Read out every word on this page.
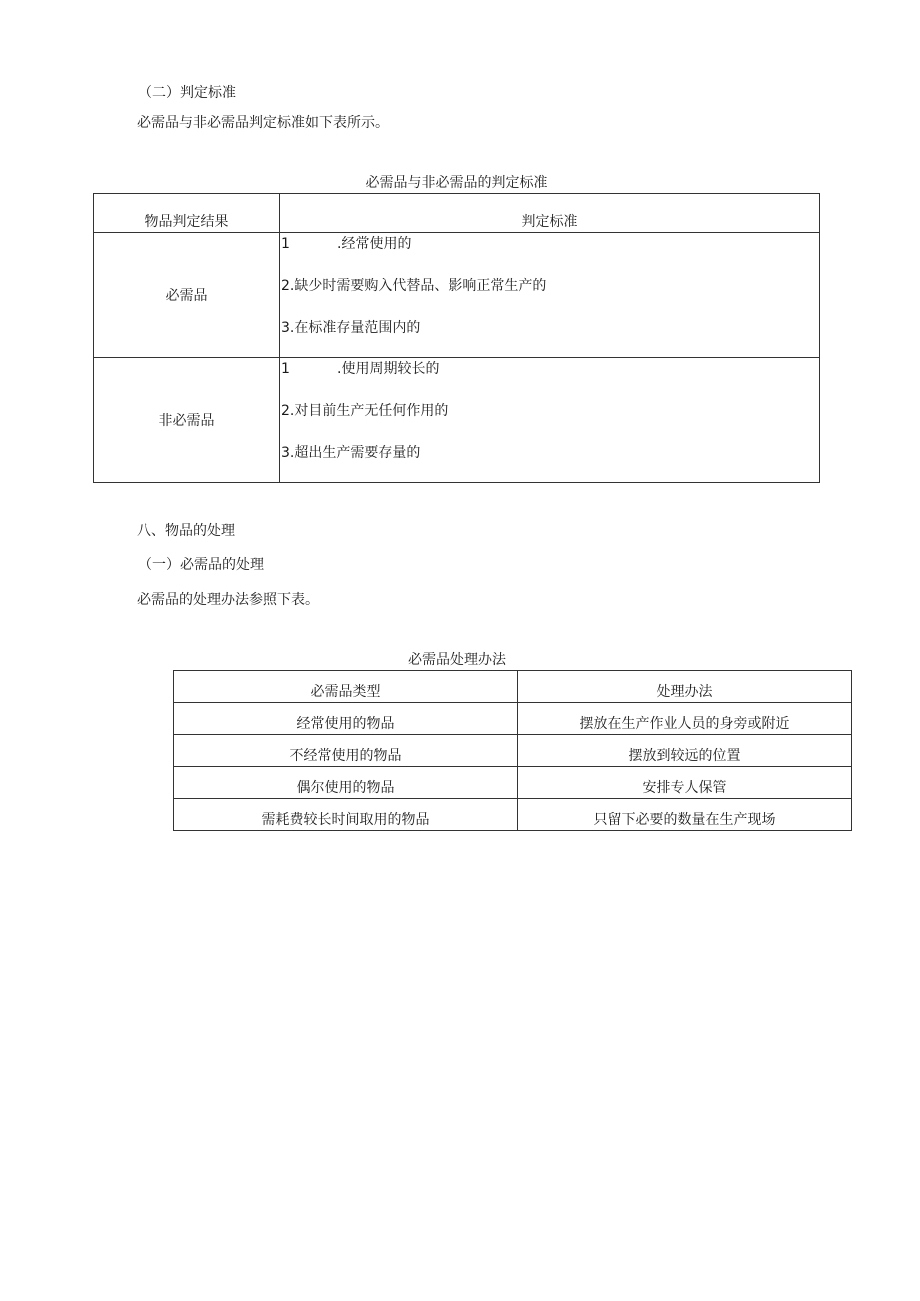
（二）判定标准
必需品与非必需品判定标准如下表所示。
必需品与非必需品的判定标准
物品判定结果	判定标准
必需品	1 .经常使用的
2.缺少时需要购入代替品、影响正常生产的
3.在标准存量范围内的

非必需品	1 .使用周期较长的
2.对目前生产无任何作用的
3.超出生产需要存量的
八、物品的处理
（一）必需品的处理
必需品的处理办法参照下表。
必需品处理办法
必需品类型	处理办法
经常使用的物品	摆放在生产作业人员的身旁或附近
不经常使用的物品	摆放到较远的位置
偶尔使用的物品	安排专人保管
需耗费较长时间取用的物品	只留下必要的数量在生产现场
